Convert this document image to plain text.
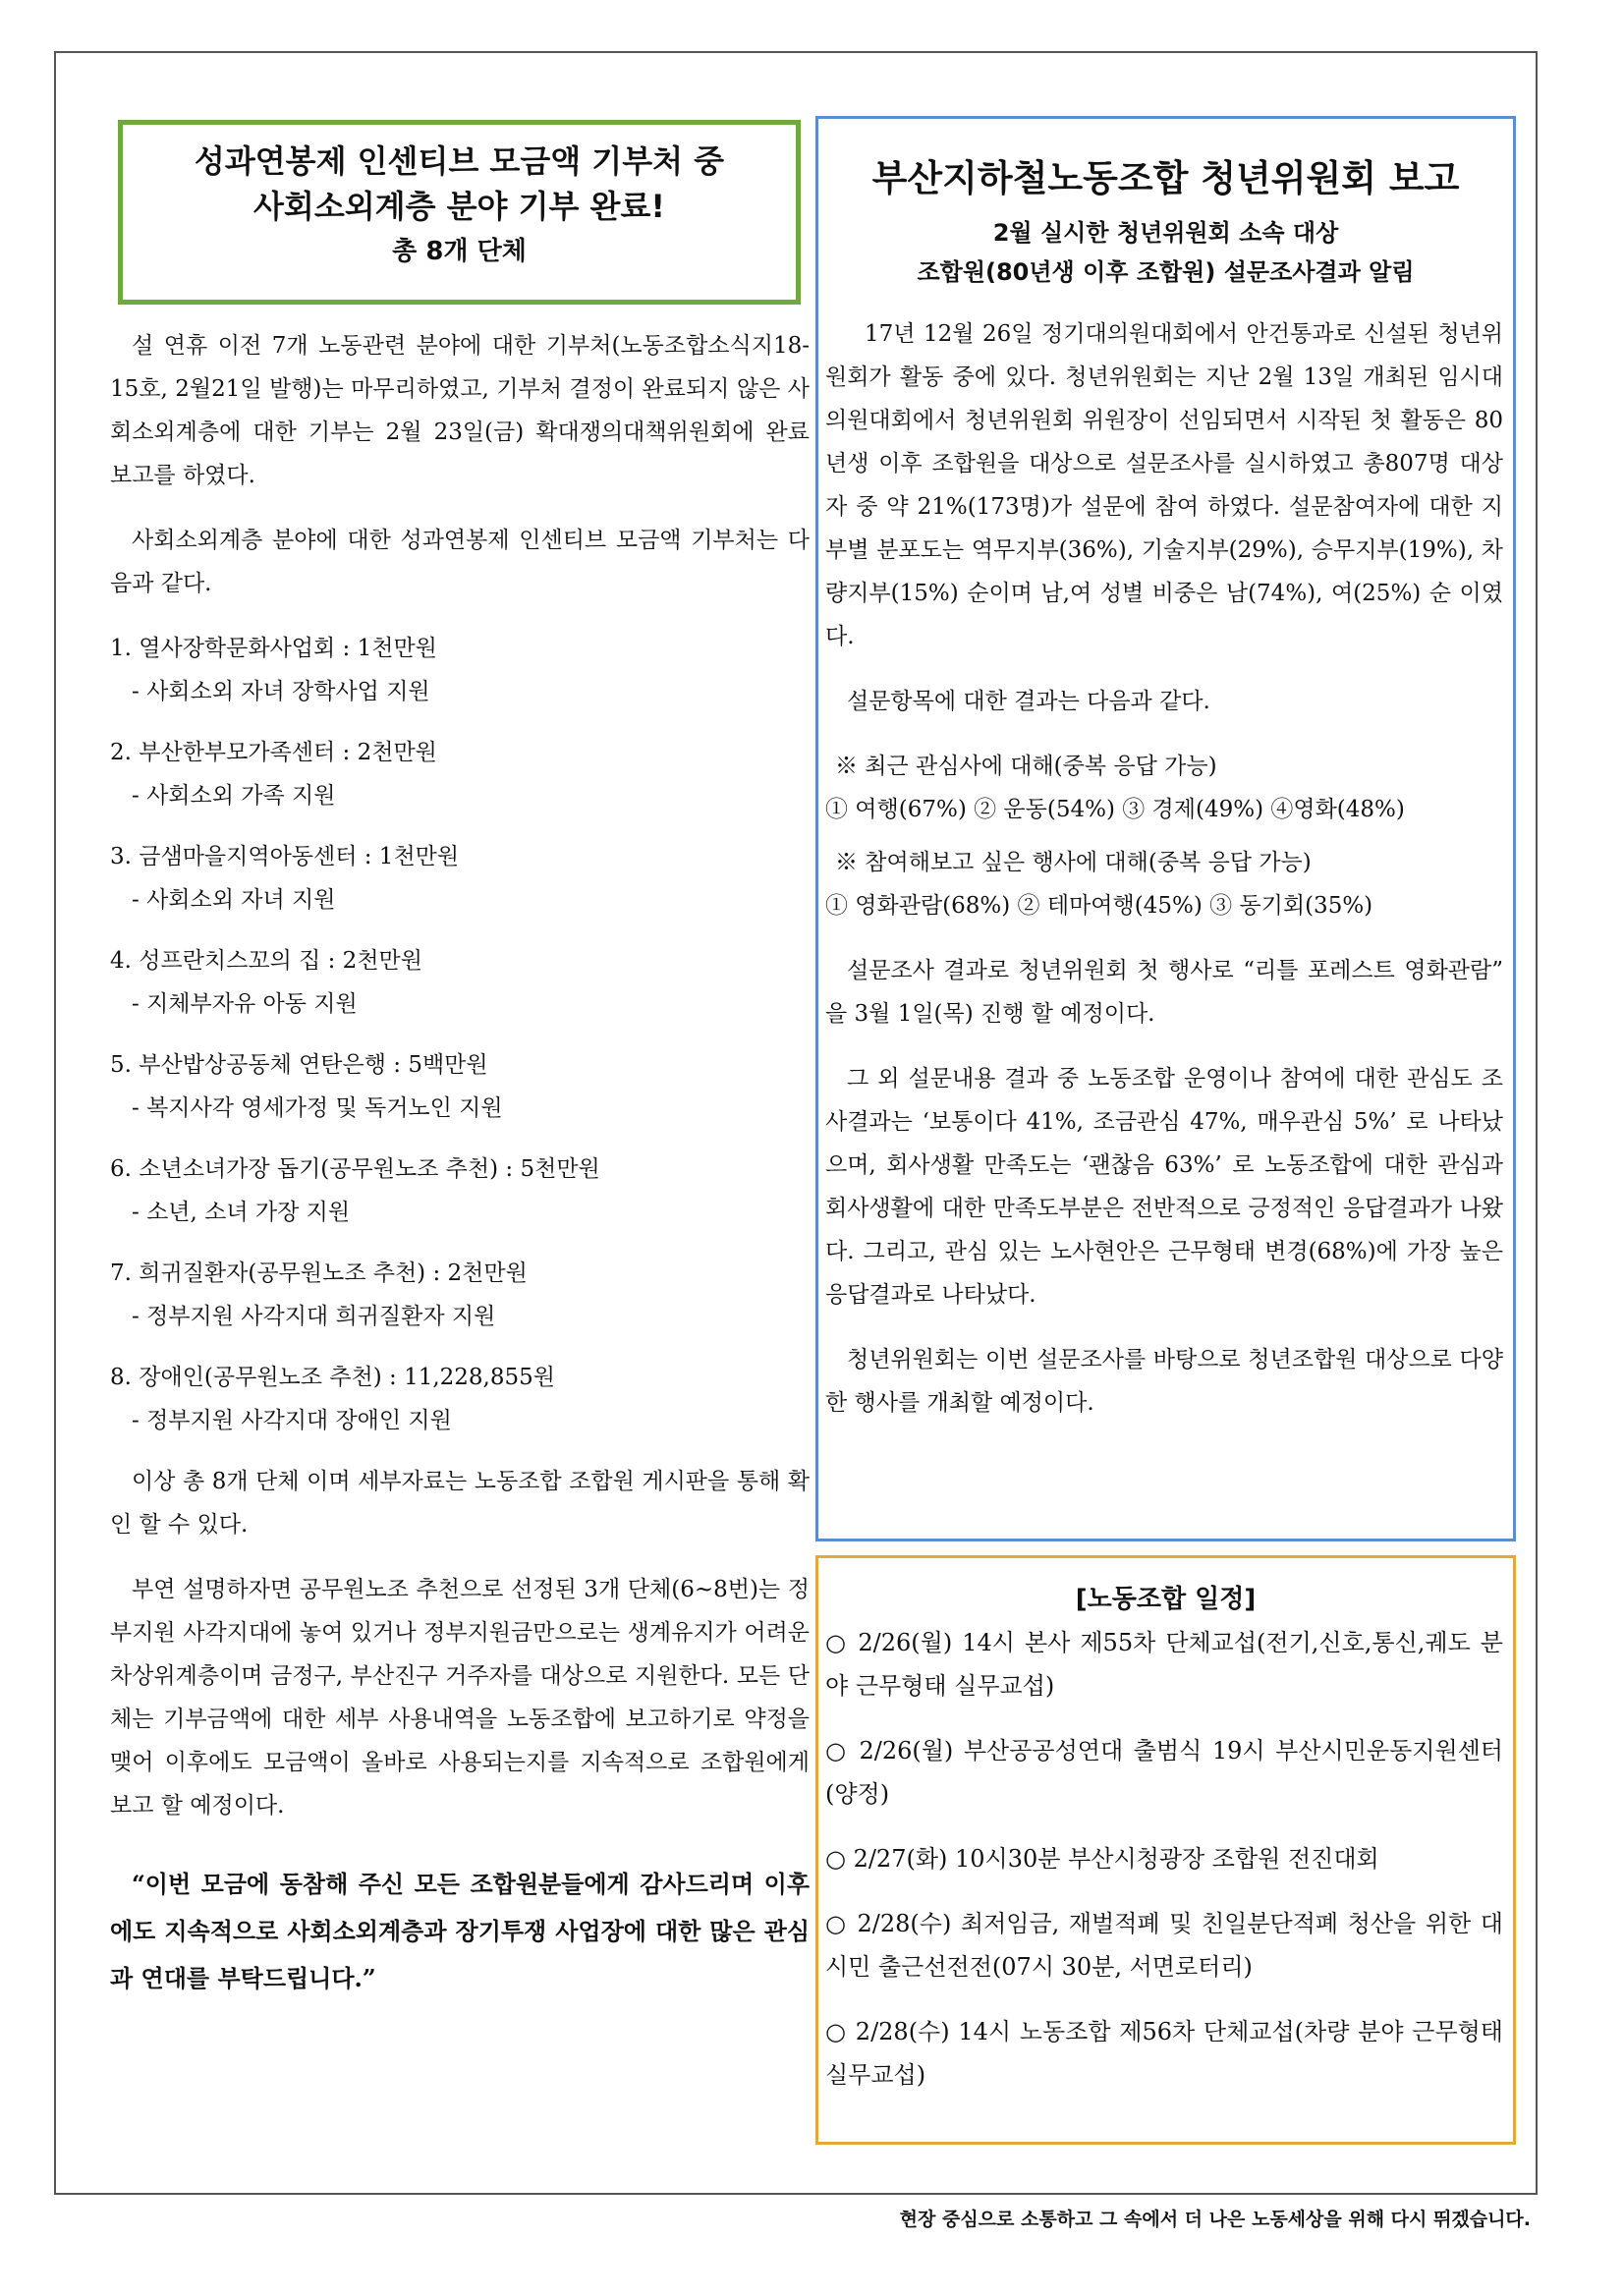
성과연봉제 인센티브 모금액 기부처 중
사회소외계층 분야 기부 완료!
총 8개 단체

설 연휴 이전 7개 노동관련 분야에 대한 기부처(노동조합소식지18-15호, 2월21일 발행)는 마무리하였고, 기부처 결정이 완료되지 않은 사회소외계층에 대한 기부는 2월 23일(금) 확대쟁의대책위원회에 완료 보고를 하였다.

사회소외계층 분야에 대한 성과연봉제 인센티브 모금액 기부처는 다음과 같다.

1. 열사장학문화사업회 : 1천만원

- 사회소외 자녀 장학사업 지원

2. 부산한부모가족센터 : 2천만원

- 사회소외 가족 지원

3. 금샘마을지역아동센터 : 1천만원

- 사회소외 자녀 지원

4. 성프란치스꼬의 집 : 2천만원

- 지체부자유 아동 지원

5. 부산밥상공동체 연탄은행 : 5백만원

- 복지사각 영세가정 및 독거노인 지원

6. 소년소녀가장 돕기(공무원노조 추천) : 5천만원

- 소년, 소녀 가장 지원

7. 희귀질환자(공무원노조 추천) : 2천만원

- 정부지원 사각지대 희귀질환자 지원

8. 장애인(공무원노조 추천) : 11,228,855원

- 정부지원 사각지대 장애인 지원

이상 총 8개 단체 이며 세부자료는 노동조합 조합원 게시판을 통해 확인 할 수 있다.

부연 설명하자면 공무원노조 추천으로 선정된 3개 단체(6~8번)는 정부지원 사각지대에 놓여 있거나 정부지원금만으로는 생계유지가 어려운 차상위계층이며 금정구, 부산진구 거주자를 대상으로 지원한다. 모든 단체는 기부금액에 대한 세부 사용내역을 노동조합에 보고하기로 약정을 맺어 이후에도 모금액이 올바로 사용되는지를 지속적으로 조합원에게 보고 할 예정이다.

“이번 모금에 동참해 주신 모든 조합원분들에게 감사드리며 이후에도 지속적으로 사회소외계층과 장기투쟁 사업장에 대한 많은 관심과 연대를 부탁드립니다.”

부산지하철노동조합 청년위원회 보고
2월 실시한 청년위원회 소속 대상
조합원(80년생 이후 조합원) 설문조사결과 알림

17년 12월 26일 정기대의원대회에서 안건통과로 신설된 청년위원회가 활동 중에 있다. 청년위원회는 지난 2월 13일 개최된 임시대의원대회에서 청년위원회 위원장이 선임되면서 시작된 첫 활동은 80년생 이후 조합원을 대상으로 설문조사를 실시하였고 총807명 대상자 중 약 21%(173명)가 설문에 참여 하였다. 설문참여자에 대한 지부별 분포도는 역무지부(36%), 기술지부(29%), 승무지부(19%), 차량지부(15%) 순이며 남,여 성별 비중은 남(74%), 여(25%) 순 이였다.

설문항목에 대한 결과는 다음과 같다.

※ 최근 관심사에 대해(중복 응답 가능)

① 여행(67%) ② 운동(54%) ③ 경제(49%) ④영화(48%)

※ 참여해보고 싶은 행사에 대해(중복 응답 가능)

① 영화관람(68%) ② 테마여행(45%) ③ 동기회(35%)

설문조사 결과로 청년위원회 첫 행사로 “리틀 포레스트 영화관람” 을 3월 1일(목) 진행 할 예정이다.

그 외 설문내용 결과 중 노동조합 운영이나 참여에 대한 관심도 조사결과는 ‘보통이다 41%, 조금관심 47%, 매우관심 5%’ 로 나타났으며, 회사생활 만족도는 ‘괜찮음 63%’ 로 노동조합에 대한 관심과 회사생활에 대한 만족도부분은 전반적으로 긍정적인 응답결과가 나왔다. 그리고, 관심 있는 노사현안은 근무형태 변경(68%)에 가장 높은 응답결과로 나타났다.

청년위원회는 이번 설문조사를 바탕으로 청년조합원 대상으로 다양한 행사를 개최할 예정이다.

[노동조합 일정]

○ 2/26(월) 14시 본사 제55차 단체교섭(전기,신호,통신,궤도 분야 근무형태 실무교섭)

○ 2/26(월) 부산공공성연대 출범식 19시 부산시민운동지원센터(양정)

○ 2/27(화) 10시30분 부산시청광장 조합원 전진대회

○ 2/28(수) 최저임금, 재벌적폐 및 친일분단적폐 청산을 위한 대시민 출근선전전(07시 30분, 서면로터리)

○ 2/28(수) 14시 노동조합 제56차 단체교섭(차량 분야 근무형태 실무교섭)

현장 중심으로 소통하고 그 속에서 더 나은 노동세상을 위해 다시 뛰겠습니다.
